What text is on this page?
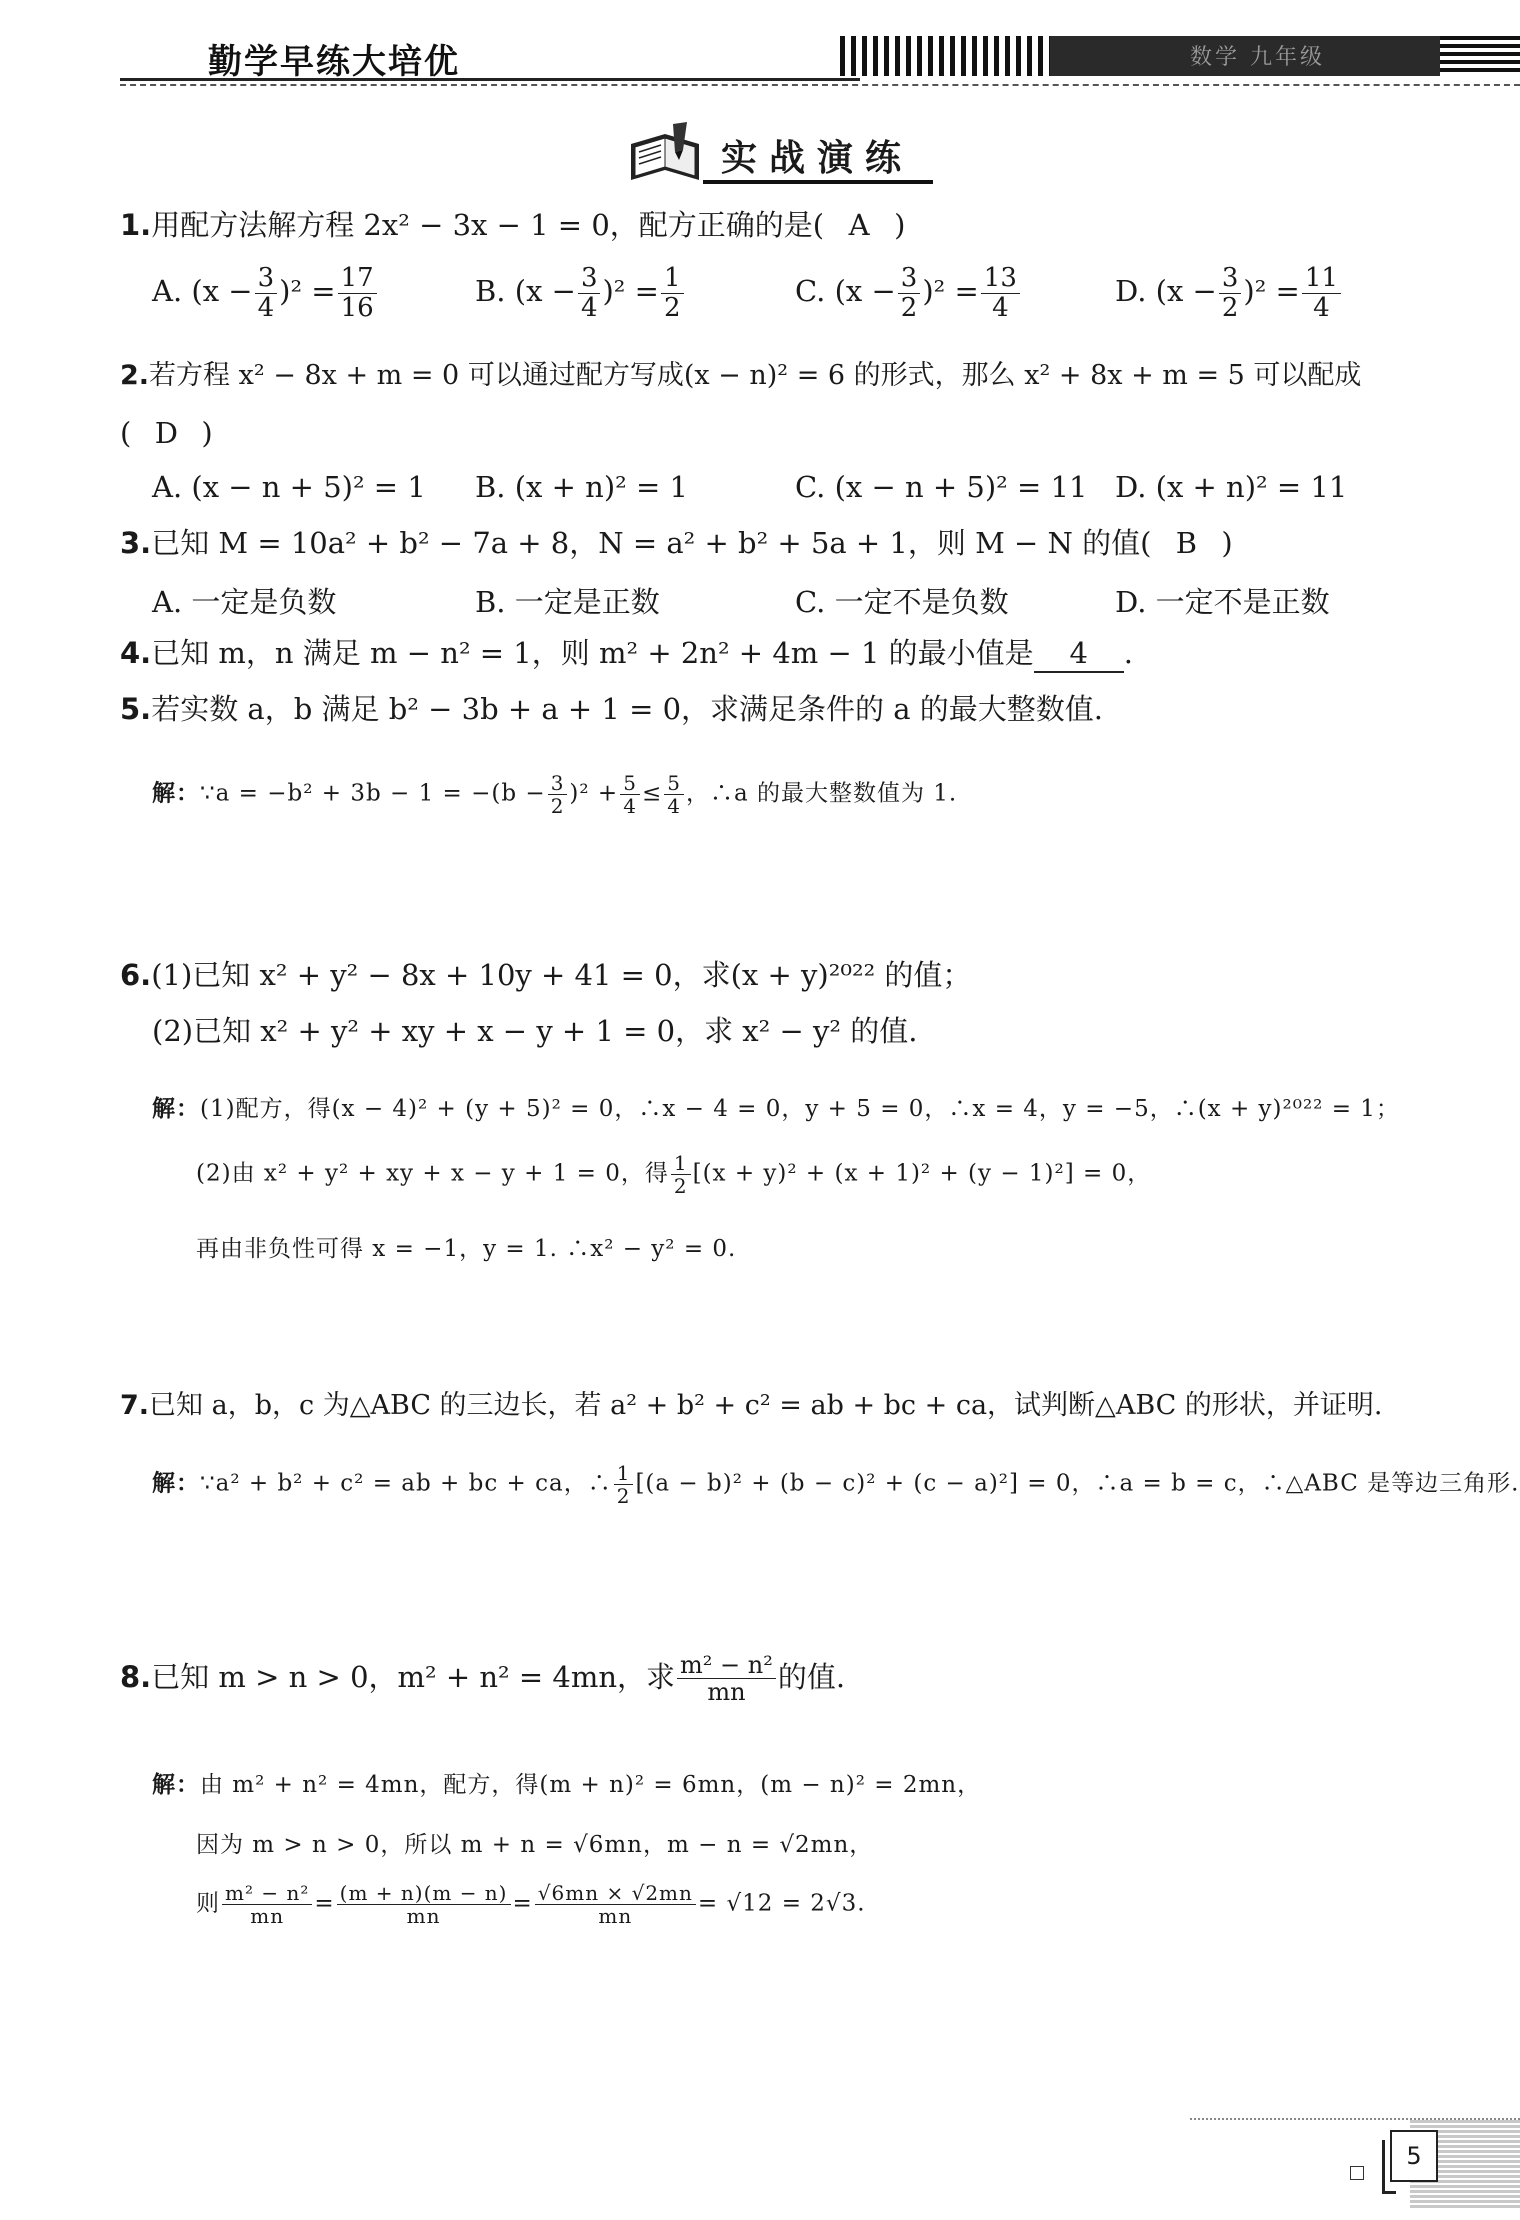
勤学早练大培优	数学 九年级
实战演练
1.用配方法解方程 2x² − 3x − 1 = 0，配方正确的是( A )
A. $(x - \frac{3}{4} )^2 = \frac{17}{16}$	B. $(x - \frac{3}{4} )^2 = \frac{1}{2}$	C. $(x - \frac{3}{2} )^2 = \frac{13}{4}$	D. $(x - \frac{3}{2} )^2 = \frac{11}{4}$
2.若方程 x² − 8x + m = 0 可以通过配方写成(x − n)² = 6 的形式，那么 x² + 8x + m = 5 可以配成
( D )
A. (x − n + 5)² = 1 B. (x + n)² = 1	C. (x − n + 5)² = 11 D. (x + n)² = 11
3.已知 M = 10a² + b² − 7a + 8，N = a² + b² + 5a + 1，则 M − N 的值( B )
A. 一定是负数	B. 一定是正数	C. 一定不是负数	D. 一定不是正数
4.已知 m，n 满足 m − n² = 1，则 m² + 2n² + 4m − 1 的最小值是 4 .
5.若实数 a，b 满足 b² − 3b + a + 1 = 0，求满足条件的 a 的最大整数值.
解：∵a = $-b^2 + 3b - 1 = -(b - \frac{3}{2} )^2 + \frac{5}{4} \le \frac{5}{4}$ ，∴a 的最大整数值为 1.
6.(1)已知 x² + y² − 8x + 10y + 41 = 0，求(x + y)²⁰²² 的值；
(2)已知 x² + y² + xy + x − y + 1 = 0，求 x² − y² 的值.
解：(1)配方，得(x − 4)² + (y + 5)² = 0，∴x − 4 = 0，y + 5 = 0，∴x = 4，y = −5，∴(x + y)²⁰²² = 1；
(2)由 x² + y² + xy + x − y + 1 = 0，得 $\frac{1}{2} [(x + y)^2 + (x + 1)^2 + (y - 1)^2] = 0$，
再由非负性可得 x = −1，y = 1. ∴x² − y² = 0.
7.已知 a，b，c 为△ABC 的三边长，若 a² + b² + c² = ab + bc + ca，试判断△ABC 的形状，并证明.
解：∵a² + b² + c² = ab + bc + ca，∴ $\frac{1}{2} [(a - b)^2 + (b - c)^2 + (c - a)^2] = 0$，∴a = b = c，∴△ABC 是等边三角形.
8.已知 m > n > 0，m² + n² = 4mn，求 $\frac{\text{m² − n²}}{mn}$ 的值.
解：由 m² + n² = 4mn，配方，得(m + n)² = 6mn，(m − n)² = 2mn，
因为 m > n > 0，所以 m + n = √6mn，m − n = √2mn，
则 $\frac{\text{m² − n²}}{mn} = \frac{(m + n)(m - n)}{mn} = \frac{√6mn \times √2mn}{mn} = √12 = 2√3$.
5
